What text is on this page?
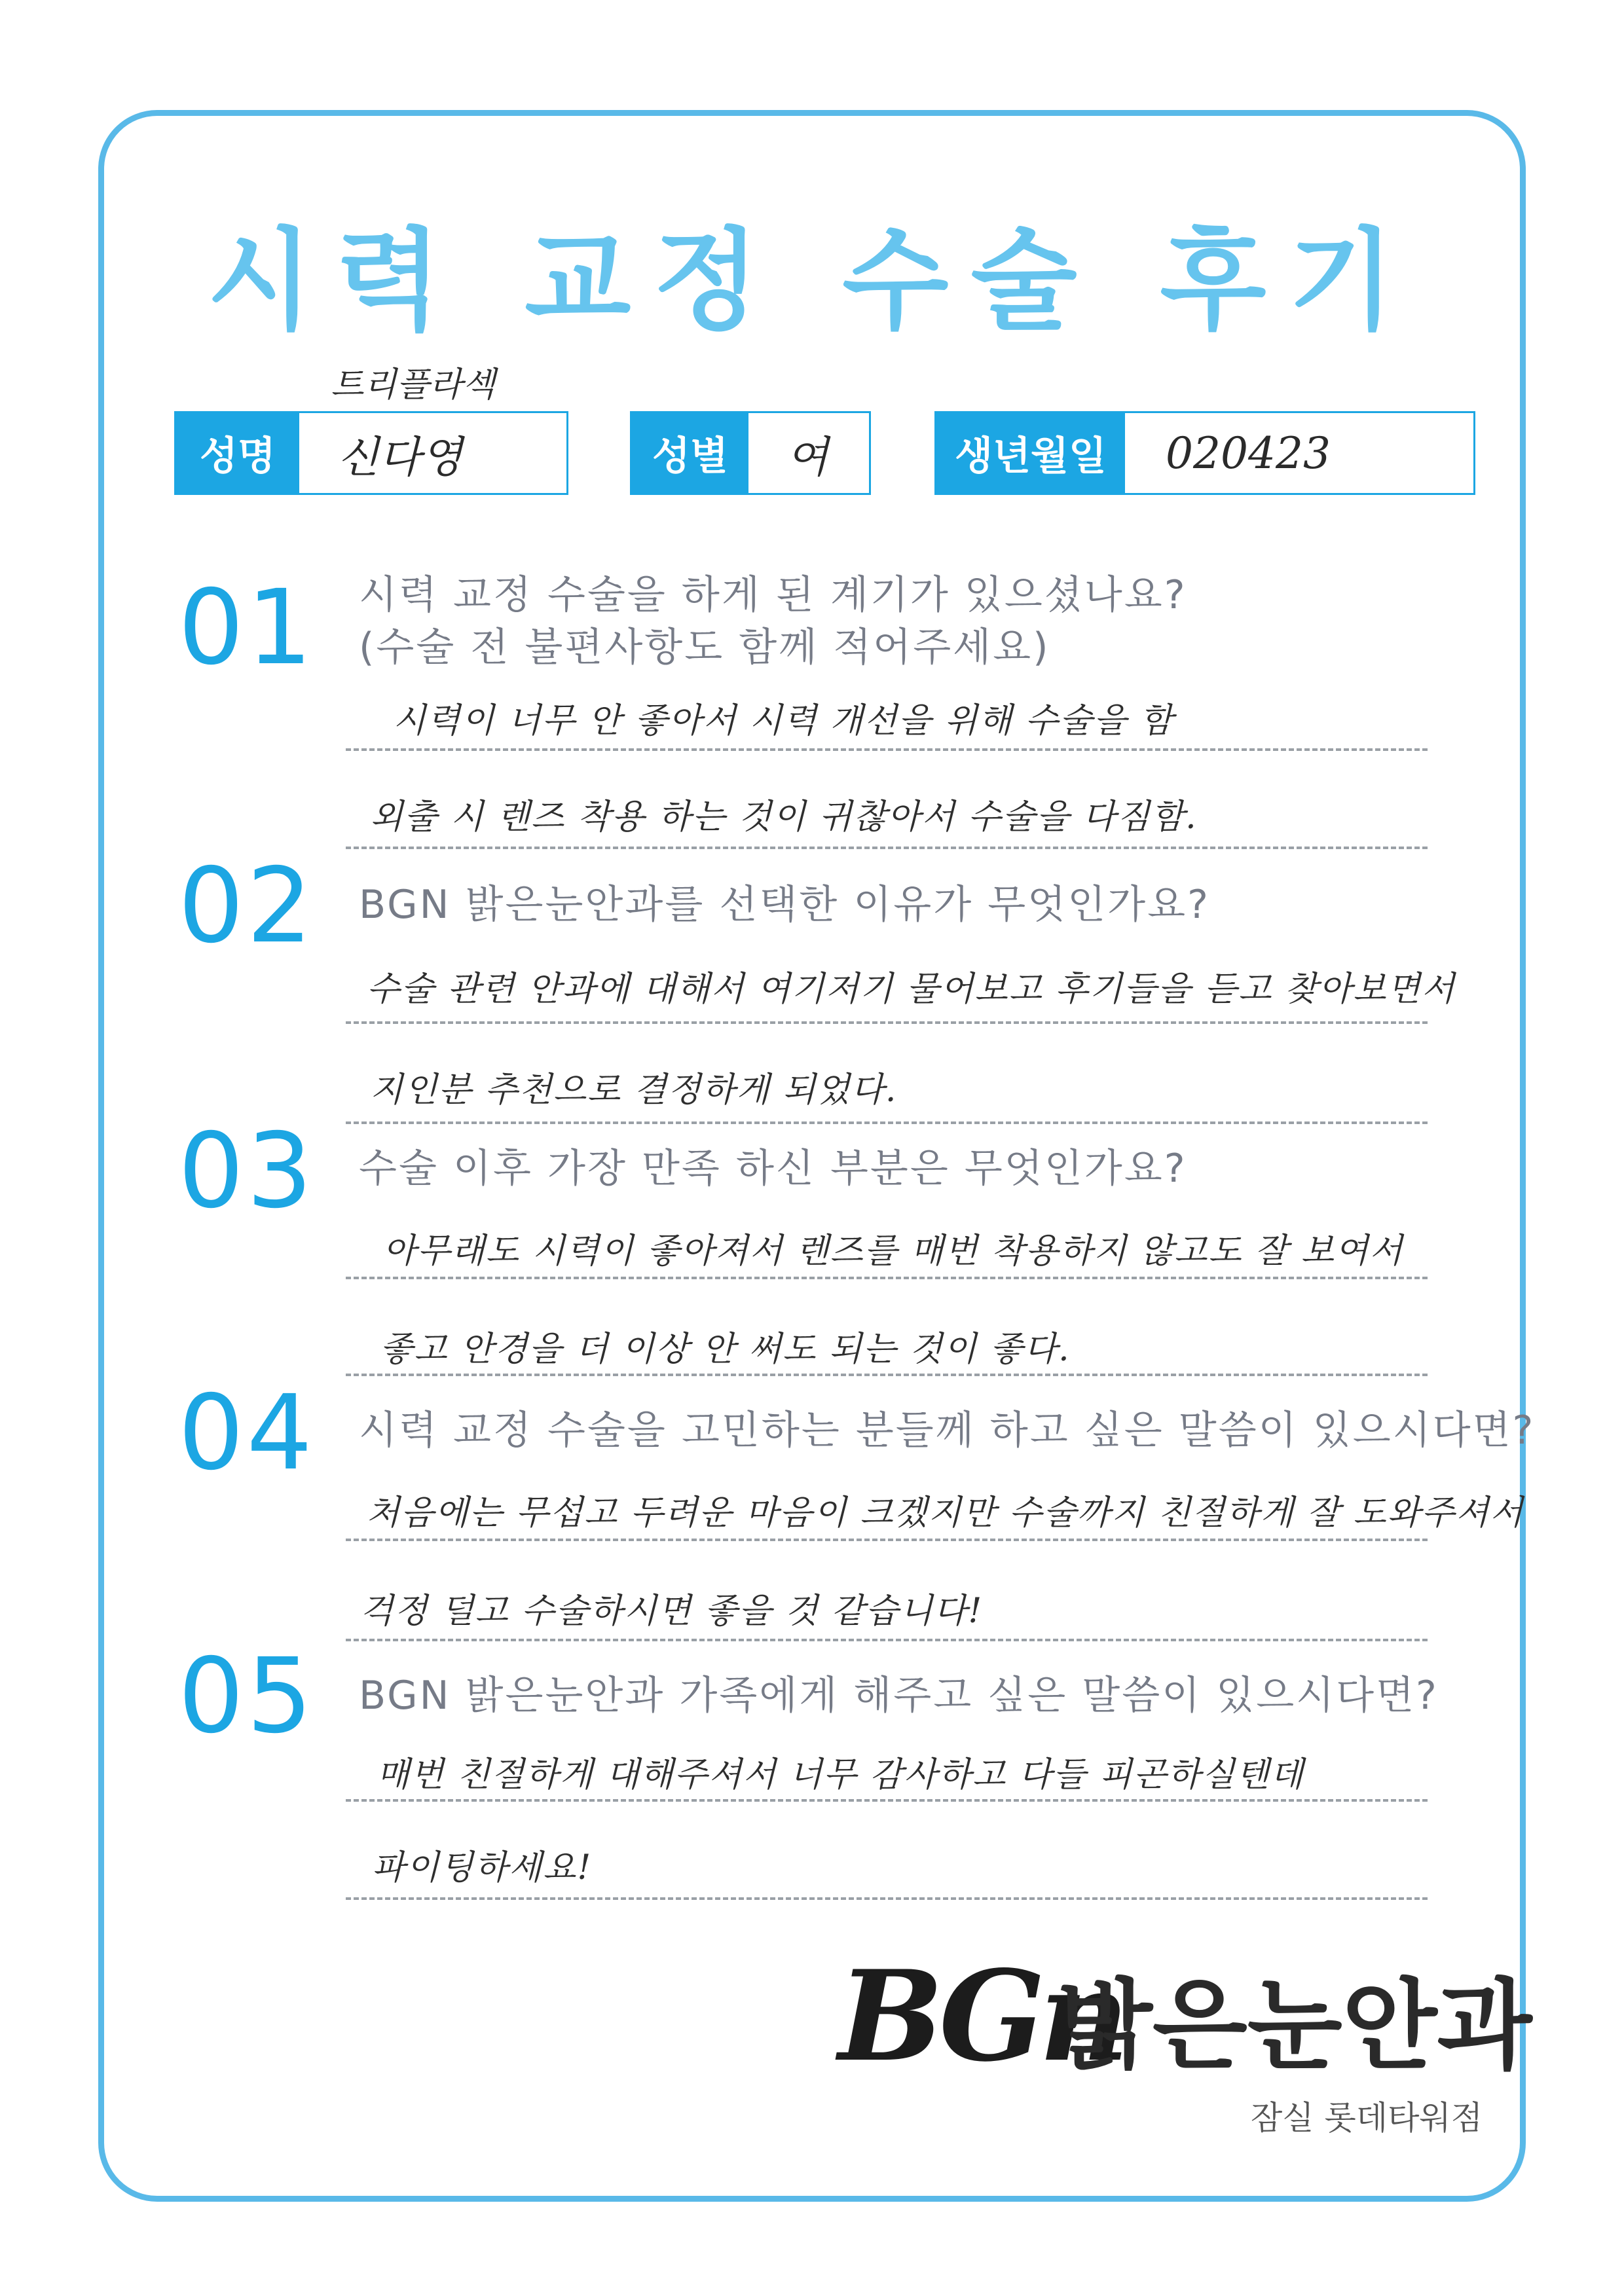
시력 교정 수술 후기
트리플라섹
성명	신다영	성별	여	생년월일	020423
01 시력 교정 수술을 하게 된 계기가 있으셨나요?
(수술 전 불편사항도 함께 적어주세요)
시력이 너무 안 좋아서 시력 개선을 위해 수술을 함
외출 시 렌즈 착용 하는 것이 귀찮아서 수술을 다짐함.
02 BGN 밝은눈안과를 선택한 이유가 무엇인가요?
수술 관련 안과에 대해서 여기저기 물어보고 후기들을 듣고 찾아보면서
지인분 추천으로 결정하게 되었다.
03 수술 이후 가장 만족 하신 부분은 무엇인가요?
아무래도 시력이 좋아져서 렌즈를 매번 착용하지 않고도 잘 보여서
좋고 안경을 더 이상 안 써도 되는 것이 좋다.
04 시력 교정 수술을 고민하는 분들께 하고 싶은 말씀이 있으시다면?
처음에는 무섭고 두려운 마음이 크겠지만 수술까지 친절하게 잘 도와주셔서
걱정 덜고 수술하시면 좋을 것 같습니다!
05 BGN 밝은눈안과 가족에게 해주고 싶은 말씀이 있으시다면?
매번 친절하게 대해주셔서 너무 감사하고 다들 피곤하실텐데
파이팅하세요!
BGn
밝은눈안과
잠실 롯데타워점
